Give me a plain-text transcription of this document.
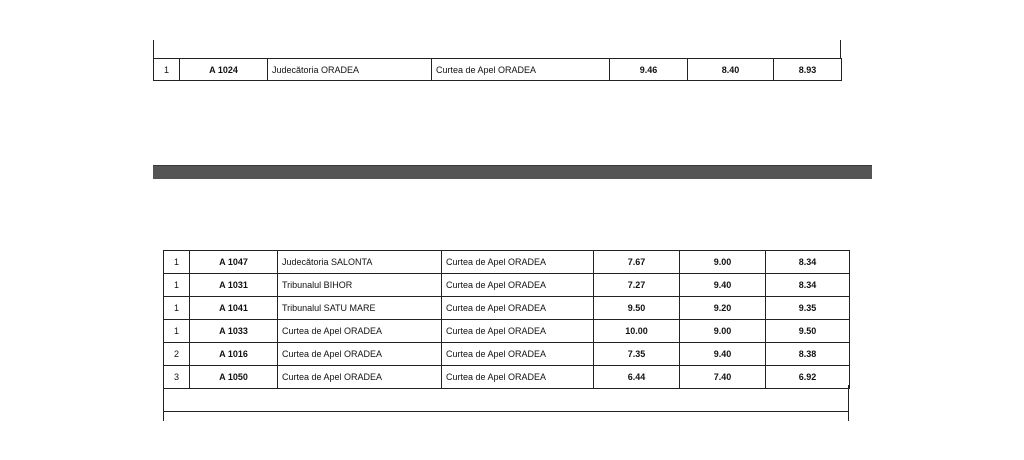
1	A 1024	Judecătoria ORADEA	Curtea de Apel ORADEA	9.46	8.40	8.93
1	A 1047	Judecătoria SALONTA	Curtea de Apel ORADEA	7.67	9.00	8.34
1	A 1031	Tribunalul BIHOR	Curtea de Apel ORADEA	7.27	9.40	8.34
1	A 1041	Tribunalul SATU MARE	Curtea de Apel ORADEA	9.50	9.20	9.35
1	A 1033	Curtea de Apel ORADEA	Curtea de Apel ORADEA	10.00	9.00	9.50
2	A 1016	Curtea de Apel ORADEA	Curtea de Apel ORADEA	7.35	9.40	8.38
3	A 1050	Curtea de Apel ORADEA	Curtea de Apel ORADEA	6.44	7.40	6.92
